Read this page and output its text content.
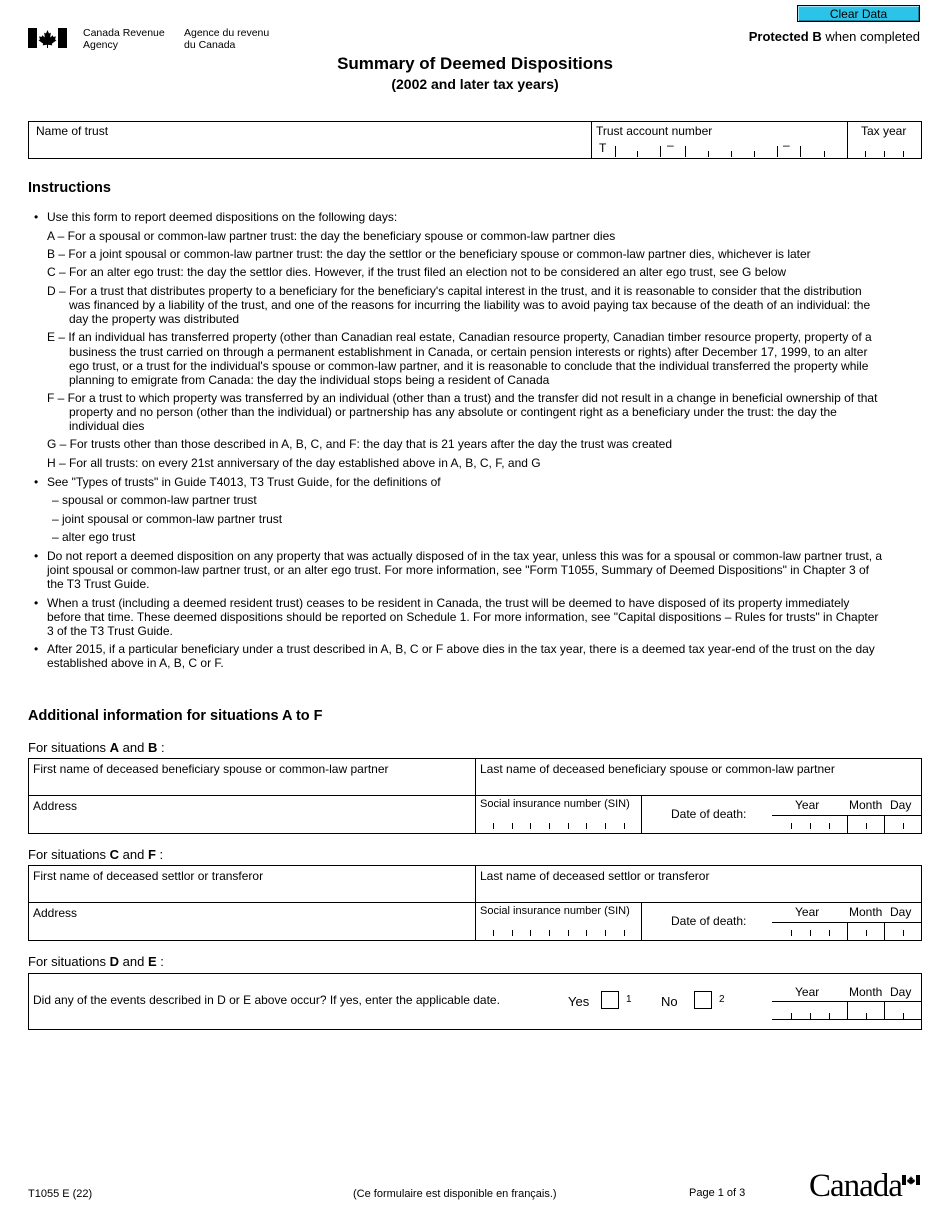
Canada Revenue
Agency
Agence du revenu
du Canada
Clear Data
Protected B when completed
Summary of Deemed Dispositions
(2002 and later tax years)
Name of trust	Trust account number
T	–	–
Tax year
Instructions
• Use this form to report deemed dispositions on the following days:
A – For a spousal or common-law partner trust: the day the beneficiary spouse or common-law partner dies
B – For a joint spousal or common-law partner trust: the day the settlor or the beneficiary spouse or common-law partner dies, whichever is later
C – For an alter ego trust: the day the settlor dies. However, if the trust filed an election not to be considered an alter ego trust, see G below
D – For a trust that distributes property to a beneficiary for the beneficiary's capital interest in the trust, and it is reasonable to consider that the distribution
was financed by a liability of the trust, and one of the reasons for incurring the liability was to avoid paying tax because of the death of an individual: the
day the property was distributed
E – If an individual has transferred property (other than Canadian real estate, Canadian resource property, Canadian timber resource property, property of a
business the trust carried on through a permanent establishment in Canada, or certain pension interests or rights) after December 17, 1999, to an alter
ego trust, or a trust for the individual's spouse or common-law partner, and it is reasonable to conclude that the individual transferred the property while
planning to emigrate from Canada: the day the individual stops being a resident of Canada
F – For a trust to which property was transferred by an individual (other than a trust) and the transfer did not result in a change in beneficial ownership of that
property and no person (other than the individual) or partnership has any absolute or contingent right as a beneficiary under the trust: the day the
individual dies
G – For trusts other than those described in A, B, C, and F: the day that is 21 years after the day the trust was created
H – For all trusts: on every 21st anniversary of the day established above in A, B, C, F, and G
• See "Types of trusts" in Guide T4013, T3 Trust Guide, for the definitions of
– spousal or common-law partner trust
– joint spousal or common-law partner trust
– alter ego trust
• Do not report a deemed disposition on any property that was actually disposed of in the tax year, unless this was for a spousal or common-law partner trust, a
joint spousal or common-law partner trust, or an alter ego trust. For more information, see "Form T1055, Summary of Deemed Dispositions" in Chapter 3 of
the T3 Trust Guide.
• When a trust (including a deemed resident trust) ceases to be resident in Canada, the trust will be deemed to have disposed of its property immediately
before that time. These deemed dispositions should be reported on Schedule 1. For more information, see "Capital dispositions – Rules for trusts" in Chapter
3 of the T3 Trust Guide.
• After 2015, if a particular beneficiary under a trust described in A, B, C or F above dies in the tax year, there is a deemed tax year-end of the trust on the day
established above in A, B, C or F.
Additional information for situations A to F
For situations A and B :
First name of deceased beneficiary spouse or common-law partner	Last name of deceased beneficiary spouse or common-law partner
Address	Social insurance number (SIN)
Date of death:
Year Month Day
For situations C and F :
First name of deceased settlor or transferor	Last name of deceased settlor or transferor
Address	Social insurance number (SIN)
Date of death:
Year Month Day
For situations D and E :
Did any of the events described in D or E above occur? If yes, enter the applicable date.	Yes	1 No	2
Year Month Day
T1055 E (22)	(Ce formulaire est disponible en français.)	Page 1 of 3 Canada
